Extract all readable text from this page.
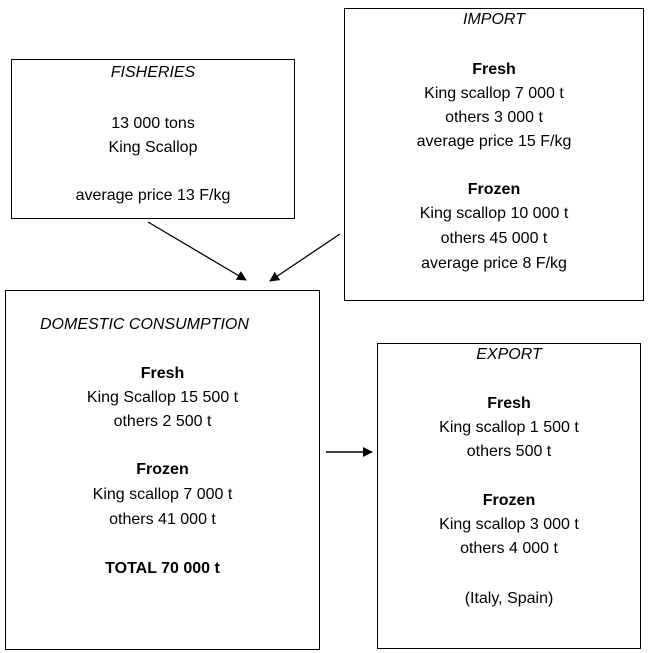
FISHERIES
13 000 tons
King Scallop
average price 13 F/kg
IMPORT
Fresh
King scallop 7 000 t
others 3 000 t
average price 15 F/kg
Frozen
King scallop 10 000 t
others 45 000 t
average price 8 F/kg
DOMESTIC CONSUMPTION
Fresh
King Scallop 15 500 t
others 2 500 t
Frozen
King scallop 7 000 t
others 41 000 t
TOTAL 70 000 t
EXPORT
Fresh
King scallop 1 500 t
others 500 t
Frozen
King scallop 3 000 t
others 4 000 t
(Italy, Spain)
